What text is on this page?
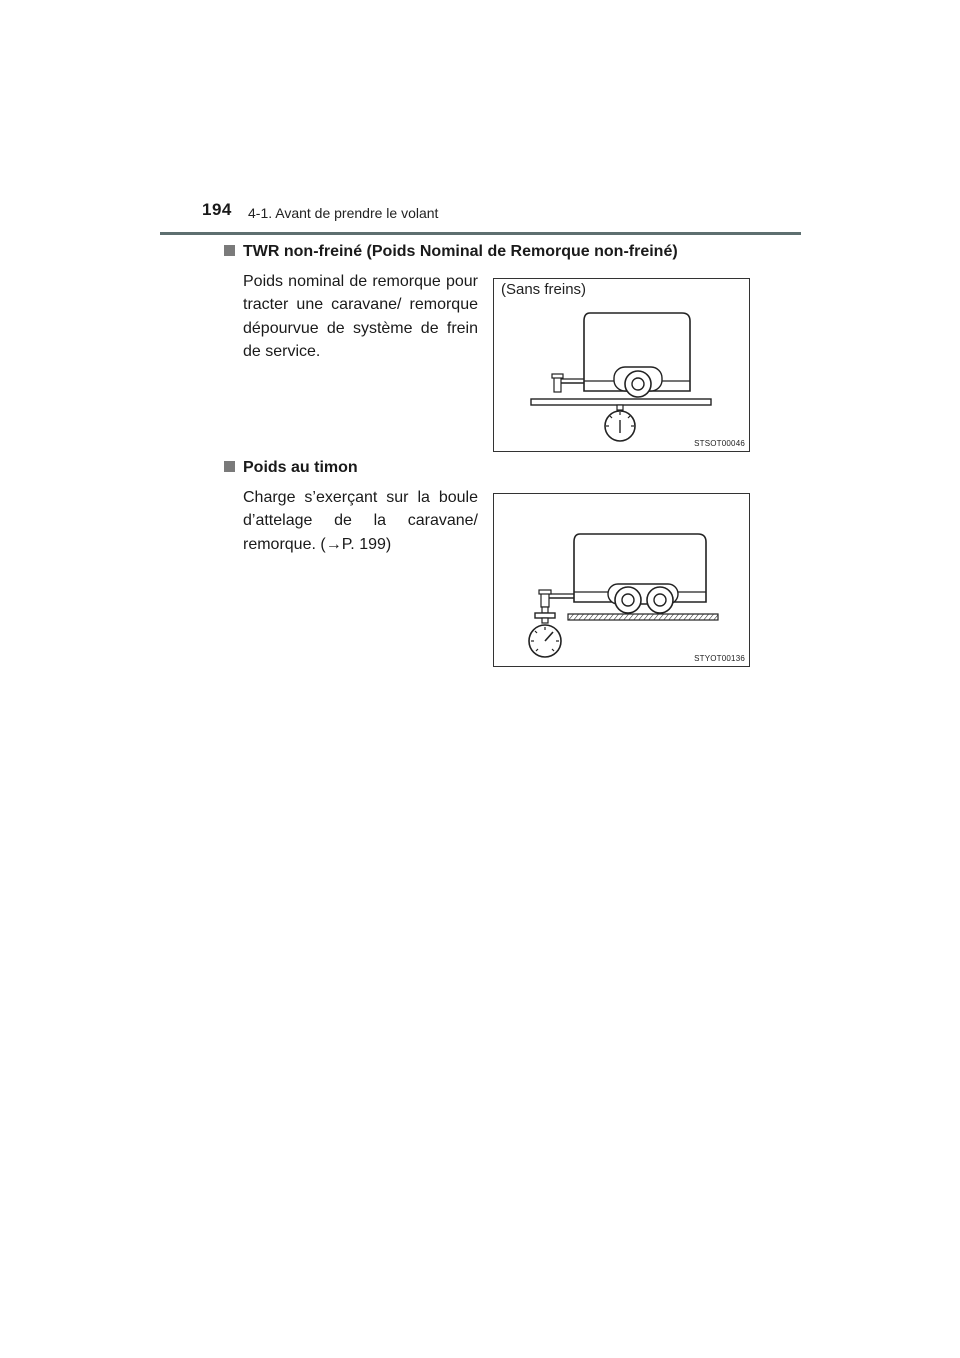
194 4-1. Avant de prendre le volant
TWR non-freiné (Poids Nominal de Remorque non-freiné)
Poids nominal de remorque pour tracter une caravane/ remorque dépourvue de système de frein de service.
(Sans freins)
STSOT00046
Poids au timon
Charge s’exerçant sur la boule d’attelage de la caravane/ remorque. (→P. 199)
STYOT00136
